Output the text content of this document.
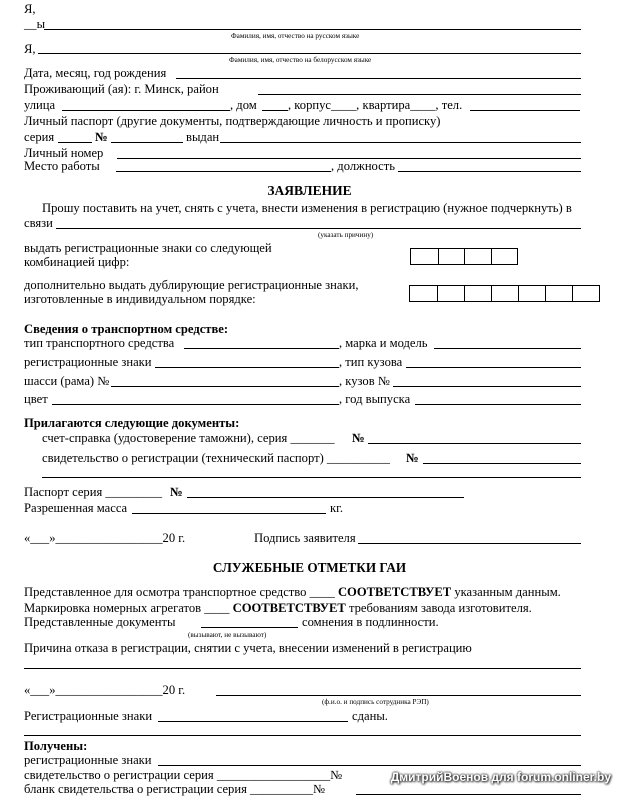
Я,
__ы
Фамилия, имя, отчество на русском языке
Я,
Фамилия, имя, отчество на белорусском языке
Дата, месяц, год рождения
Проживающий (ая): г. Минск, район
улица	, дом , корпус____, квартира____, тел.
Личный паспорт (другие документы, подтверждающие личность и прописку)
серия	№	выдан
Личный номер
Место работы	, должность
ЗАЯВЛЕНИЕ
Прошу поставить на учет, снять с учета, внести изменения в регистрацию (нужное подчеркнуть) в
связи
(указать причину)
выдать регистрационные знаки со следующей
комбинацией цифр:
дополнительно выдать дублирующие регистрационные знаки,
изготовленные в индивидуальном порядке:
Сведения о транспортном средстве:
тип транспортного средства	, марка и модель
регистрационные знаки	, тип кузова
шасси (рама) №	, кузов №
цвет	, год выпуска
Прилагаются следующие документы:
счет-справка (удостоверение таможни), серия _______ №
свидетельство о регистрации (технический паспорт) __________ №
Паспорт серия _________ №
Разрешенная масса	кг.
«___»_________________20 г.	Подпись заявителя
СЛУЖЕБНЫЕ ОТМЕТКИ ГАИ
Представленное для осмотра транспортное средство ____ СООТВЕТСТВУЕТ указанным данным.
Маркировка номерных агрегатов ____ СООТВЕТСТВУЕТ требованиям завода изготовителя.
Представленные документы	сомнения в подлинности.
(вызывают, не вызывают)
Причина отказа в регистрации, снятии с учета, внесении изменений в регистрацию
«___»_________________20 г.
(ф.и.о. и подпись сотрудника РЭП)
Регистрационные знаки	сданы.
Получены:
регистрационные знаки
свидетельство о регистрации серия __________________№
бланк свидетельства о регистрации серия __________№
ДмитрийВоенов для forum.onliner.by
